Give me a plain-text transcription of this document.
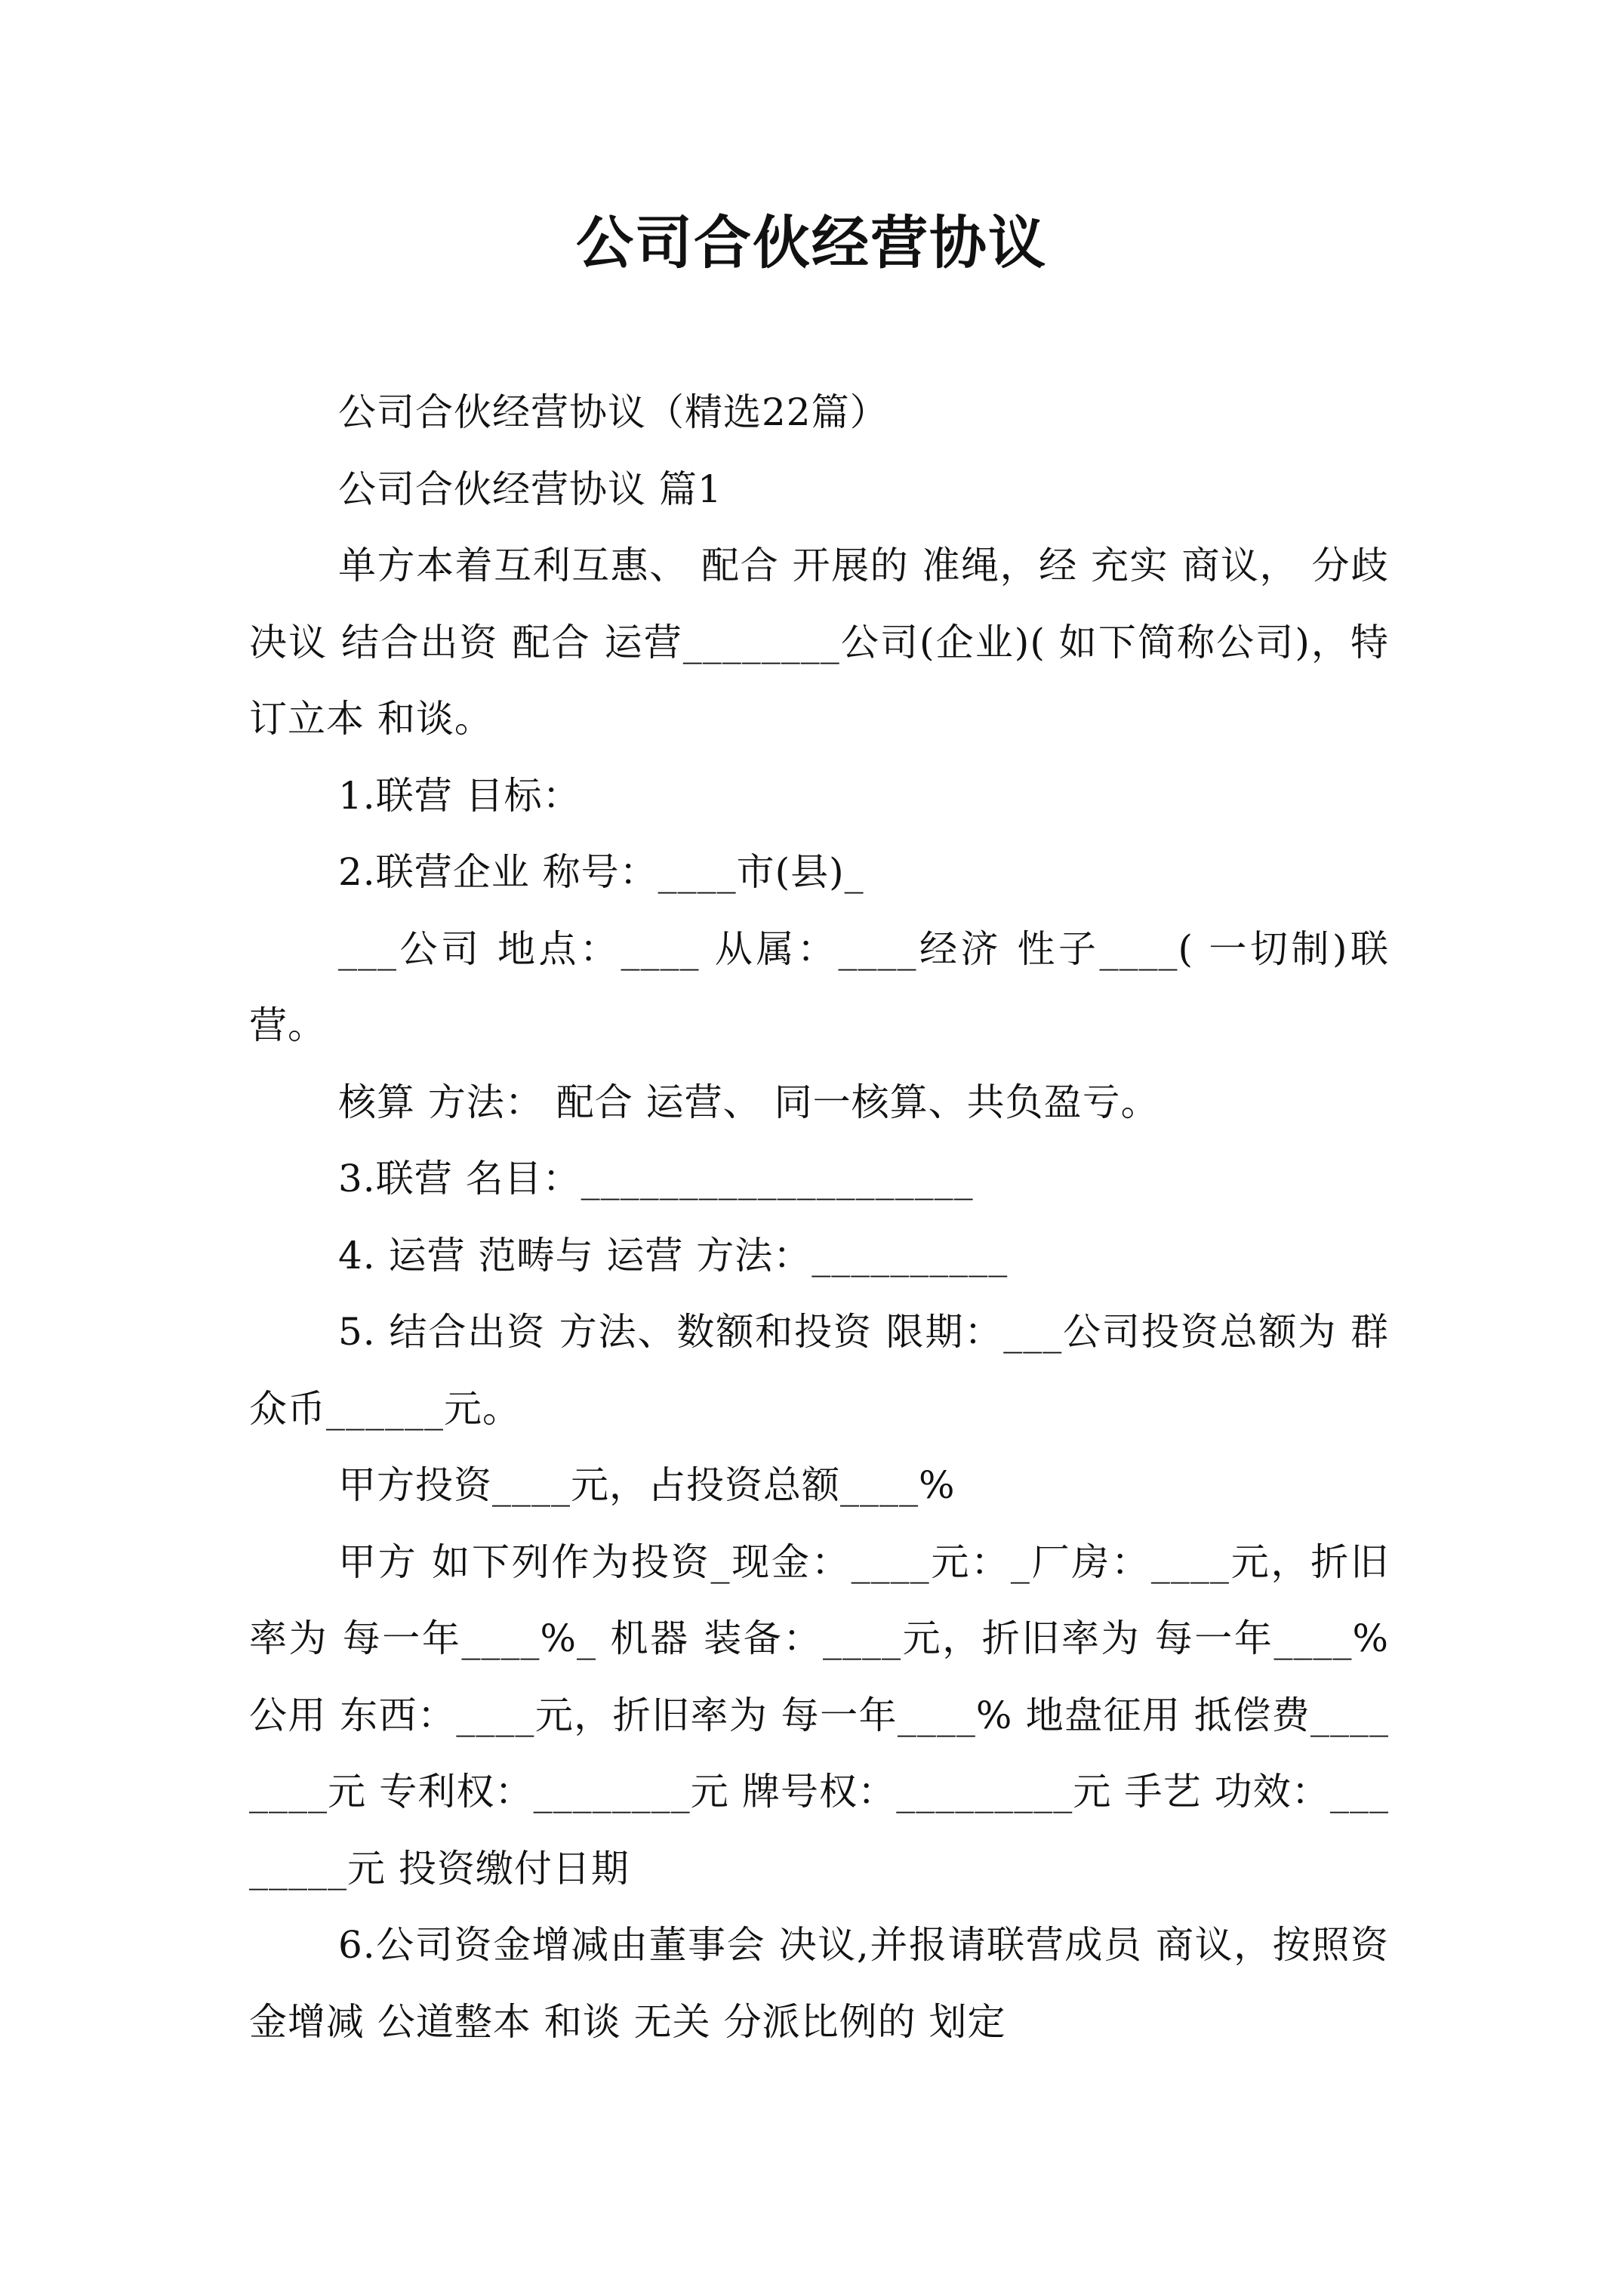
公司合伙经营协议

公司合伙经营协议（精选22篇）

公司合伙经营协议 篇1

单方本着互利互惠、 配合 开展的 准绳，经 充实 商议， 分歧 决议 结合出资 配合 运营________公司(企业)( 如下简称公司)，特订立本 和谈。

1.联营 目标：

2.联营企业 称号：____市(县)_

___公司 地点：____ 从属：____经济 性子____( 一切制)联营。

核算 方法： 配合 运营、 同一核算、共负盈亏。

3.联营 名目：____________________

4. 运营 范畴与 运营 方法：__________

5. 结合出资 方法、数额和投资 限期：___公司投资总额为 群众币______元。

甲方投资____元，占投资总额____%

甲方 如下列作为投资_现金：____元：_厂房：____元，折旧率为 每一年____%_ 机器 装备：____元，折旧率为 每一年____% 公用 东西：____元，折旧率为 每一年____% 地盘征用 抵偿费________元 专利权：________元 牌号权：_________元 手艺 功效：________元 投资缴付日期

6.公司资金增减由董事会 决议,并报请联营成员 商议，按照资金增减 公道整本 和谈 无关 分派比例的 划定
